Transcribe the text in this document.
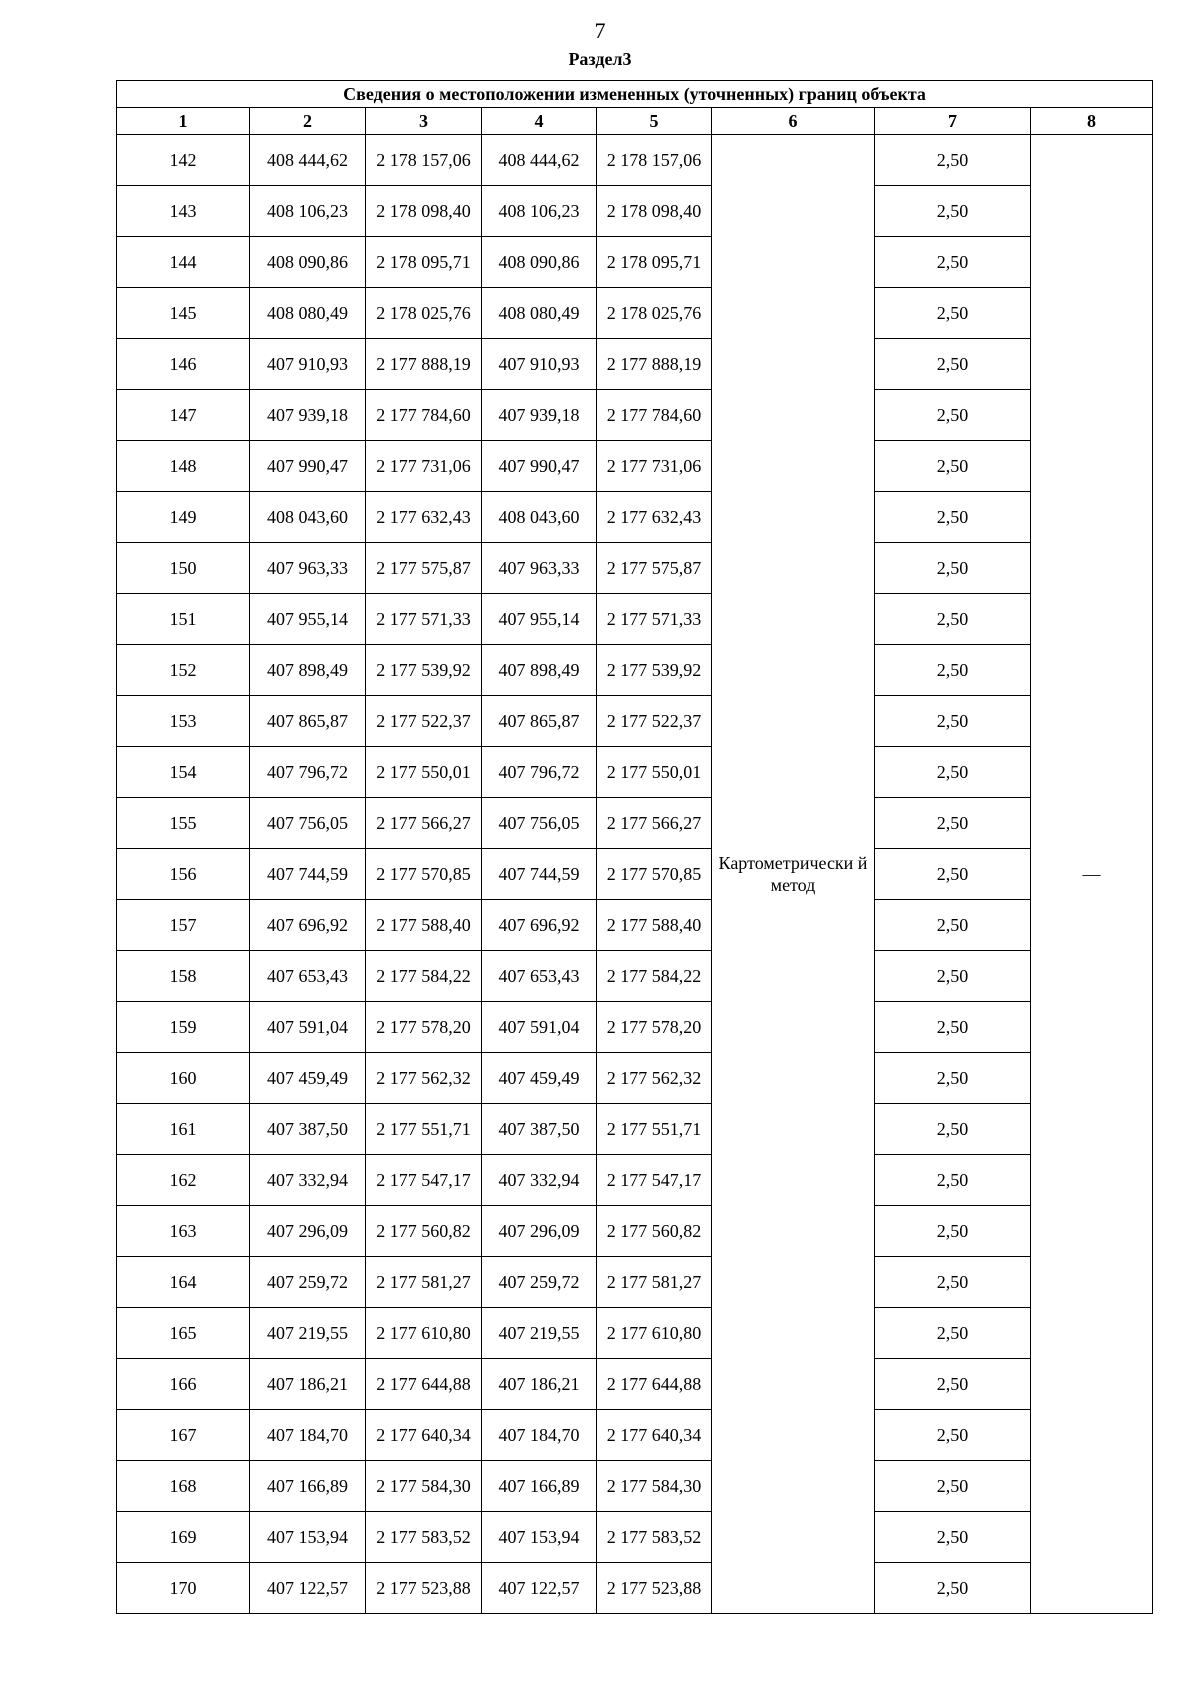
7
Раздел3
Сведения о местоположении измененных (уточненных) границ объекта							
1	2	3	4	5	6	7	8
142	408 444,62	2 178 157,06	408 444,62	2 178 157,06	Картометрически й метод	2,50	—
143	408 106,23	2 178 098,40	408 106,23	2 178 098,40		2,50	
144	408 090,86	2 178 095,71	408 090,86	2 178 095,71		2,50	
145	408 080,49	2 178 025,76	408 080,49	2 178 025,76		2,50	
146	407 910,93	2 177 888,19	407 910,93	2 177 888,19		2,50	
147	407 939,18	2 177 784,60	407 939,18	2 177 784,60		2,50	
148	407 990,47	2 177 731,06	407 990,47	2 177 731,06		2,50	
149	408 043,60	2 177 632,43	408 043,60	2 177 632,43		2,50	
150	407 963,33	2 177 575,87	407 963,33	2 177 575,87		2,50	
151	407 955,14	2 177 571,33	407 955,14	2 177 571,33		2,50	
152	407 898,49	2 177 539,92	407 898,49	2 177 539,92		2,50	
153	407 865,87	2 177 522,37	407 865,87	2 177 522,37		2,50	
154	407 796,72	2 177 550,01	407 796,72	2 177 550,01		2,50	
155	407 756,05	2 177 566,27	407 756,05	2 177 566,27		2,50	
156	407 744,59	2 177 570,85	407 744,59	2 177 570,85		2,50	
157	407 696,92	2 177 588,40	407 696,92	2 177 588,40		2,50	
158	407 653,43	2 177 584,22	407 653,43	2 177 584,22		2,50	
159	407 591,04	2 177 578,20	407 591,04	2 177 578,20		2,50	
160	407 459,49	2 177 562,32	407 459,49	2 177 562,32		2,50	
161	407 387,50	2 177 551,71	407 387,50	2 177 551,71		2,50	
162	407 332,94	2 177 547,17	407 332,94	2 177 547,17		2,50	
163	407 296,09	2 177 560,82	407 296,09	2 177 560,82		2,50	
164	407 259,72	2 177 581,27	407 259,72	2 177 581,27		2,50	
165	407 219,55	2 177 610,80	407 219,55	2 177 610,80		2,50	
166	407 186,21	2 177 644,88	407 186,21	2 177 644,88		2,50	
167	407 184,70	2 177 640,34	407 184,70	2 177 640,34		2,50	
168	407 166,89	2 177 584,30	407 166,89	2 177 584,30		2,50	
169	407 153,94	2 177 583,52	407 153,94	2 177 583,52		2,50	
170	407 122,57	2 177 523,88	407 122,57	2 177 523,88		2,50	
